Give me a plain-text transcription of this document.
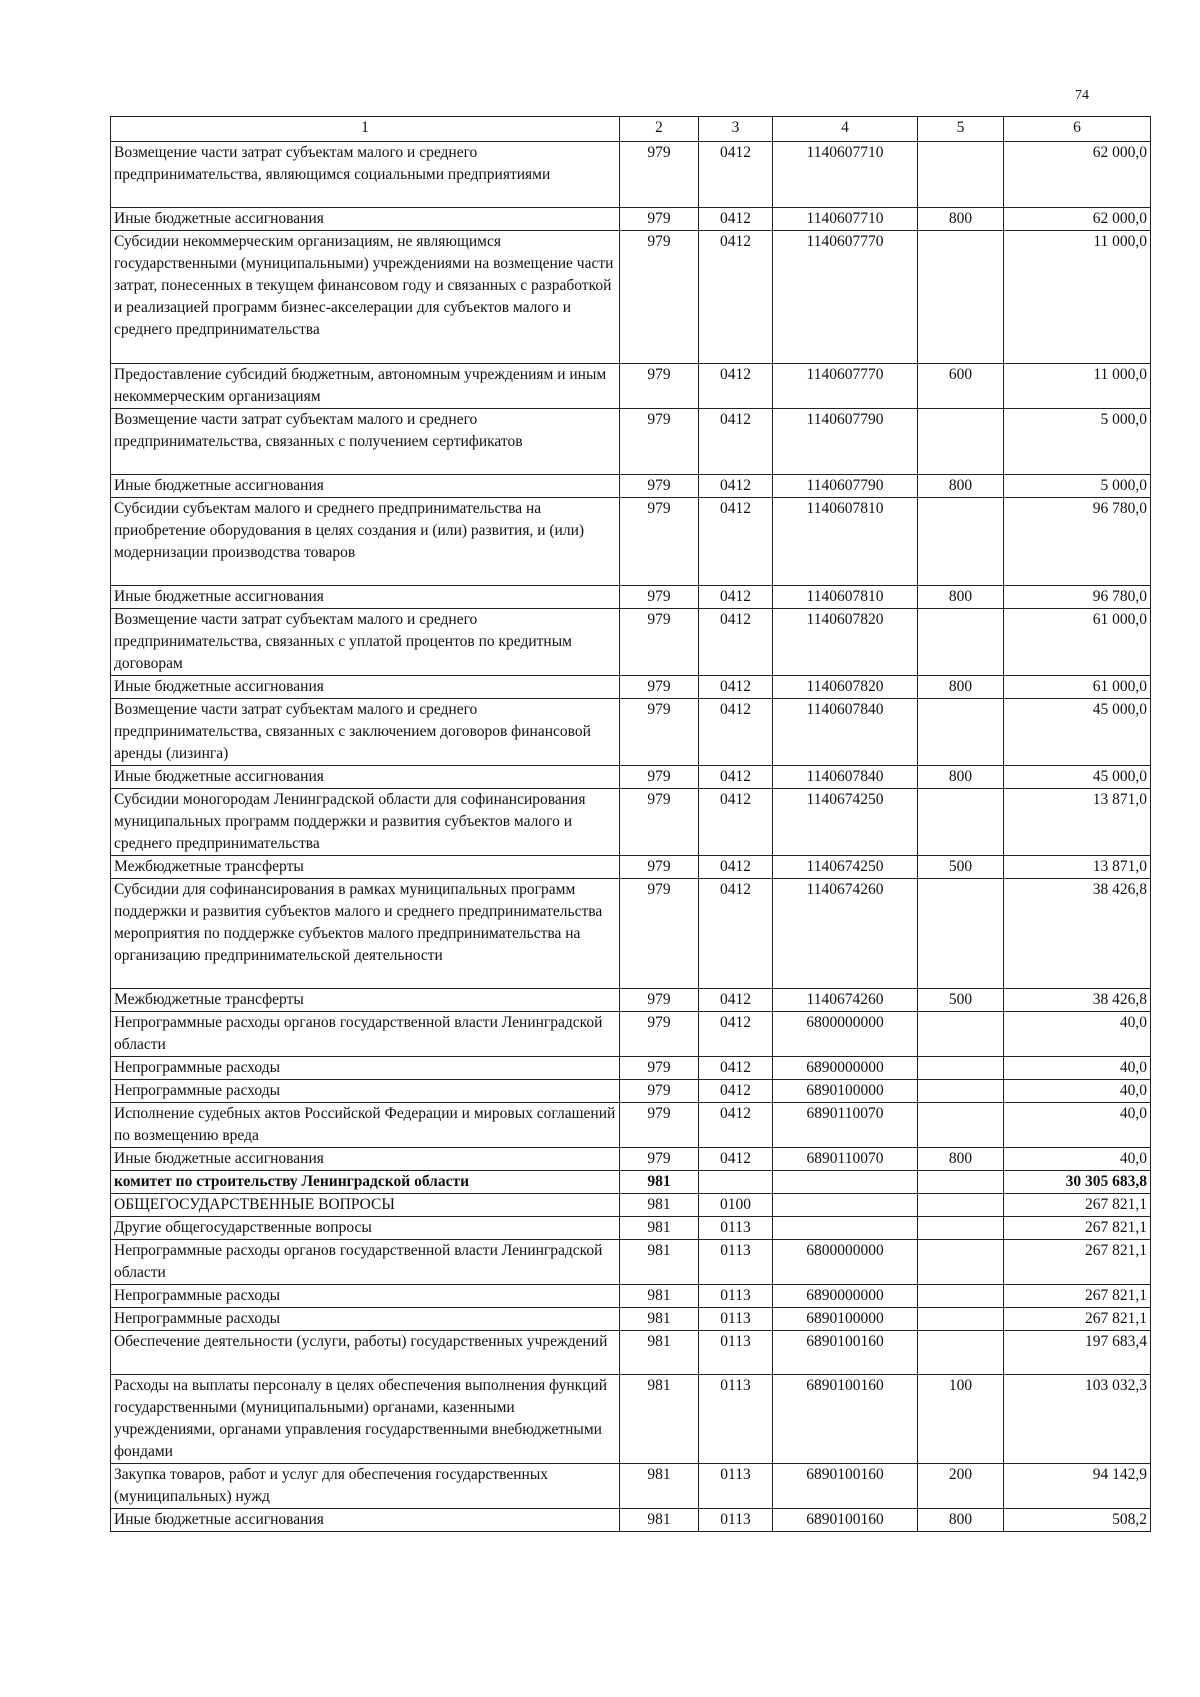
74
1	2	3	4	5	6
Возмещение части затрат субъектам малого и среднего предпринимательства, являющимся социальными предприятиями	979	0412	1140607710		62 000,0
Иные бюджетные ассигнования	979	0412	1140607710	800	62 000,0
Субсидии некоммерческим организациям, не являющимся государственными (муниципальными) учреждениями на возмещение части затрат, понесенных в текущем финансовом году и связанных с разработкой и реализацией программ бизнес-акселерации для субъектов малого и среднего предпринимательства	979	0412	1140607770		11 000,0
Предоставление субсидий бюджетным, автономным учреждениям и иным некоммерческим организациям	979	0412	1140607770	600	11 000,0
Возмещение части затрат субъектам малого и среднего предпринимательства, связанных с получением сертификатов	979	0412	1140607790		5 000,0
Иные бюджетные ассигнования	979	0412	1140607790	800	5 000,0
Субсидии субъектам малого и среднего предпринимательства на приобретение оборудования в целях создания и (или) развития, и (или) модернизации производства товаров	979	0412	1140607810		96 780,0
Иные бюджетные ассигнования	979	0412	1140607810	800	96 780,0
Возмещение части затрат субъектам малого и среднего предпринимательства, связанных с уплатой процентов по кредитным договорам	979	0412	1140607820		61 000,0
Иные бюджетные ассигнования	979	0412	1140607820	800	61 000,0
Возмещение части затрат субъектам малого и среднего предпринимательства, связанных с заключением договоров финансовой аренды (лизинга)	979	0412	1140607840		45 000,0
Иные бюджетные ассигнования	979	0412	1140607840	800	45 000,0
Субсидии моногородам Ленинградской области для софинансирования муниципальных программ поддержки и развития субъектов малого и среднего предпринимательства	979	0412	1140674250		13 871,0
Межбюджетные трансферты	979	0412	1140674250	500	13 871,0
Субсидии для софинансирования в рамках муниципальных программ поддержки и развития субъектов малого и среднего предпринимательства мероприятия по поддержке субъектов малого предпринимательства на организацию предпринимательской деятельности	979	0412	1140674260		38 426,8
Межбюджетные трансферты	979	0412	1140674260	500	38 426,8
Непрограммные расходы органов государственной власти Ленинградской области	979	0412	6800000000		40,0
Непрограммные расходы	979	0412	6890000000		40,0
Непрограммные расходы	979	0412	6890100000		40,0
Исполнение судебных актов Российской Федерации и мировых соглашений по возмещению вреда	979	0412	6890110070		40,0
Иные бюджетные ассигнования	979	0412	6890110070	800	40,0
комитет по строительству Ленинградской области	981				30 305 683,8
ОБЩЕГОСУДАРСТВЕННЫЕ ВОПРОСЫ	981	0100			267 821,1
Другие общегосударственные вопросы	981	0113			267 821,1
Непрограммные расходы органов государственной власти Ленинградской области	981	0113	6800000000		267 821,1
Непрограммные расходы	981	0113	6890000000		267 821,1
Непрограммные расходы	981	0113	6890100000		267 821,1
Обеспечение деятельности (услуги, работы) государственных учреждений	981	0113	6890100160		197 683,4
Расходы на выплаты персоналу в целях обеспечения выполнения функций государственными (муниципальными) органами, казенными учреждениями, органами управления государственными внебюджетными фондами	981	0113	6890100160	100	103 032,3
Закупка товаров, работ и услуг для обеспечения государственных (муниципальных) нужд	981	0113	6890100160	200	94 142,9
Иные бюджетные ассигнования	981	0113	6890100160	800	508,2
